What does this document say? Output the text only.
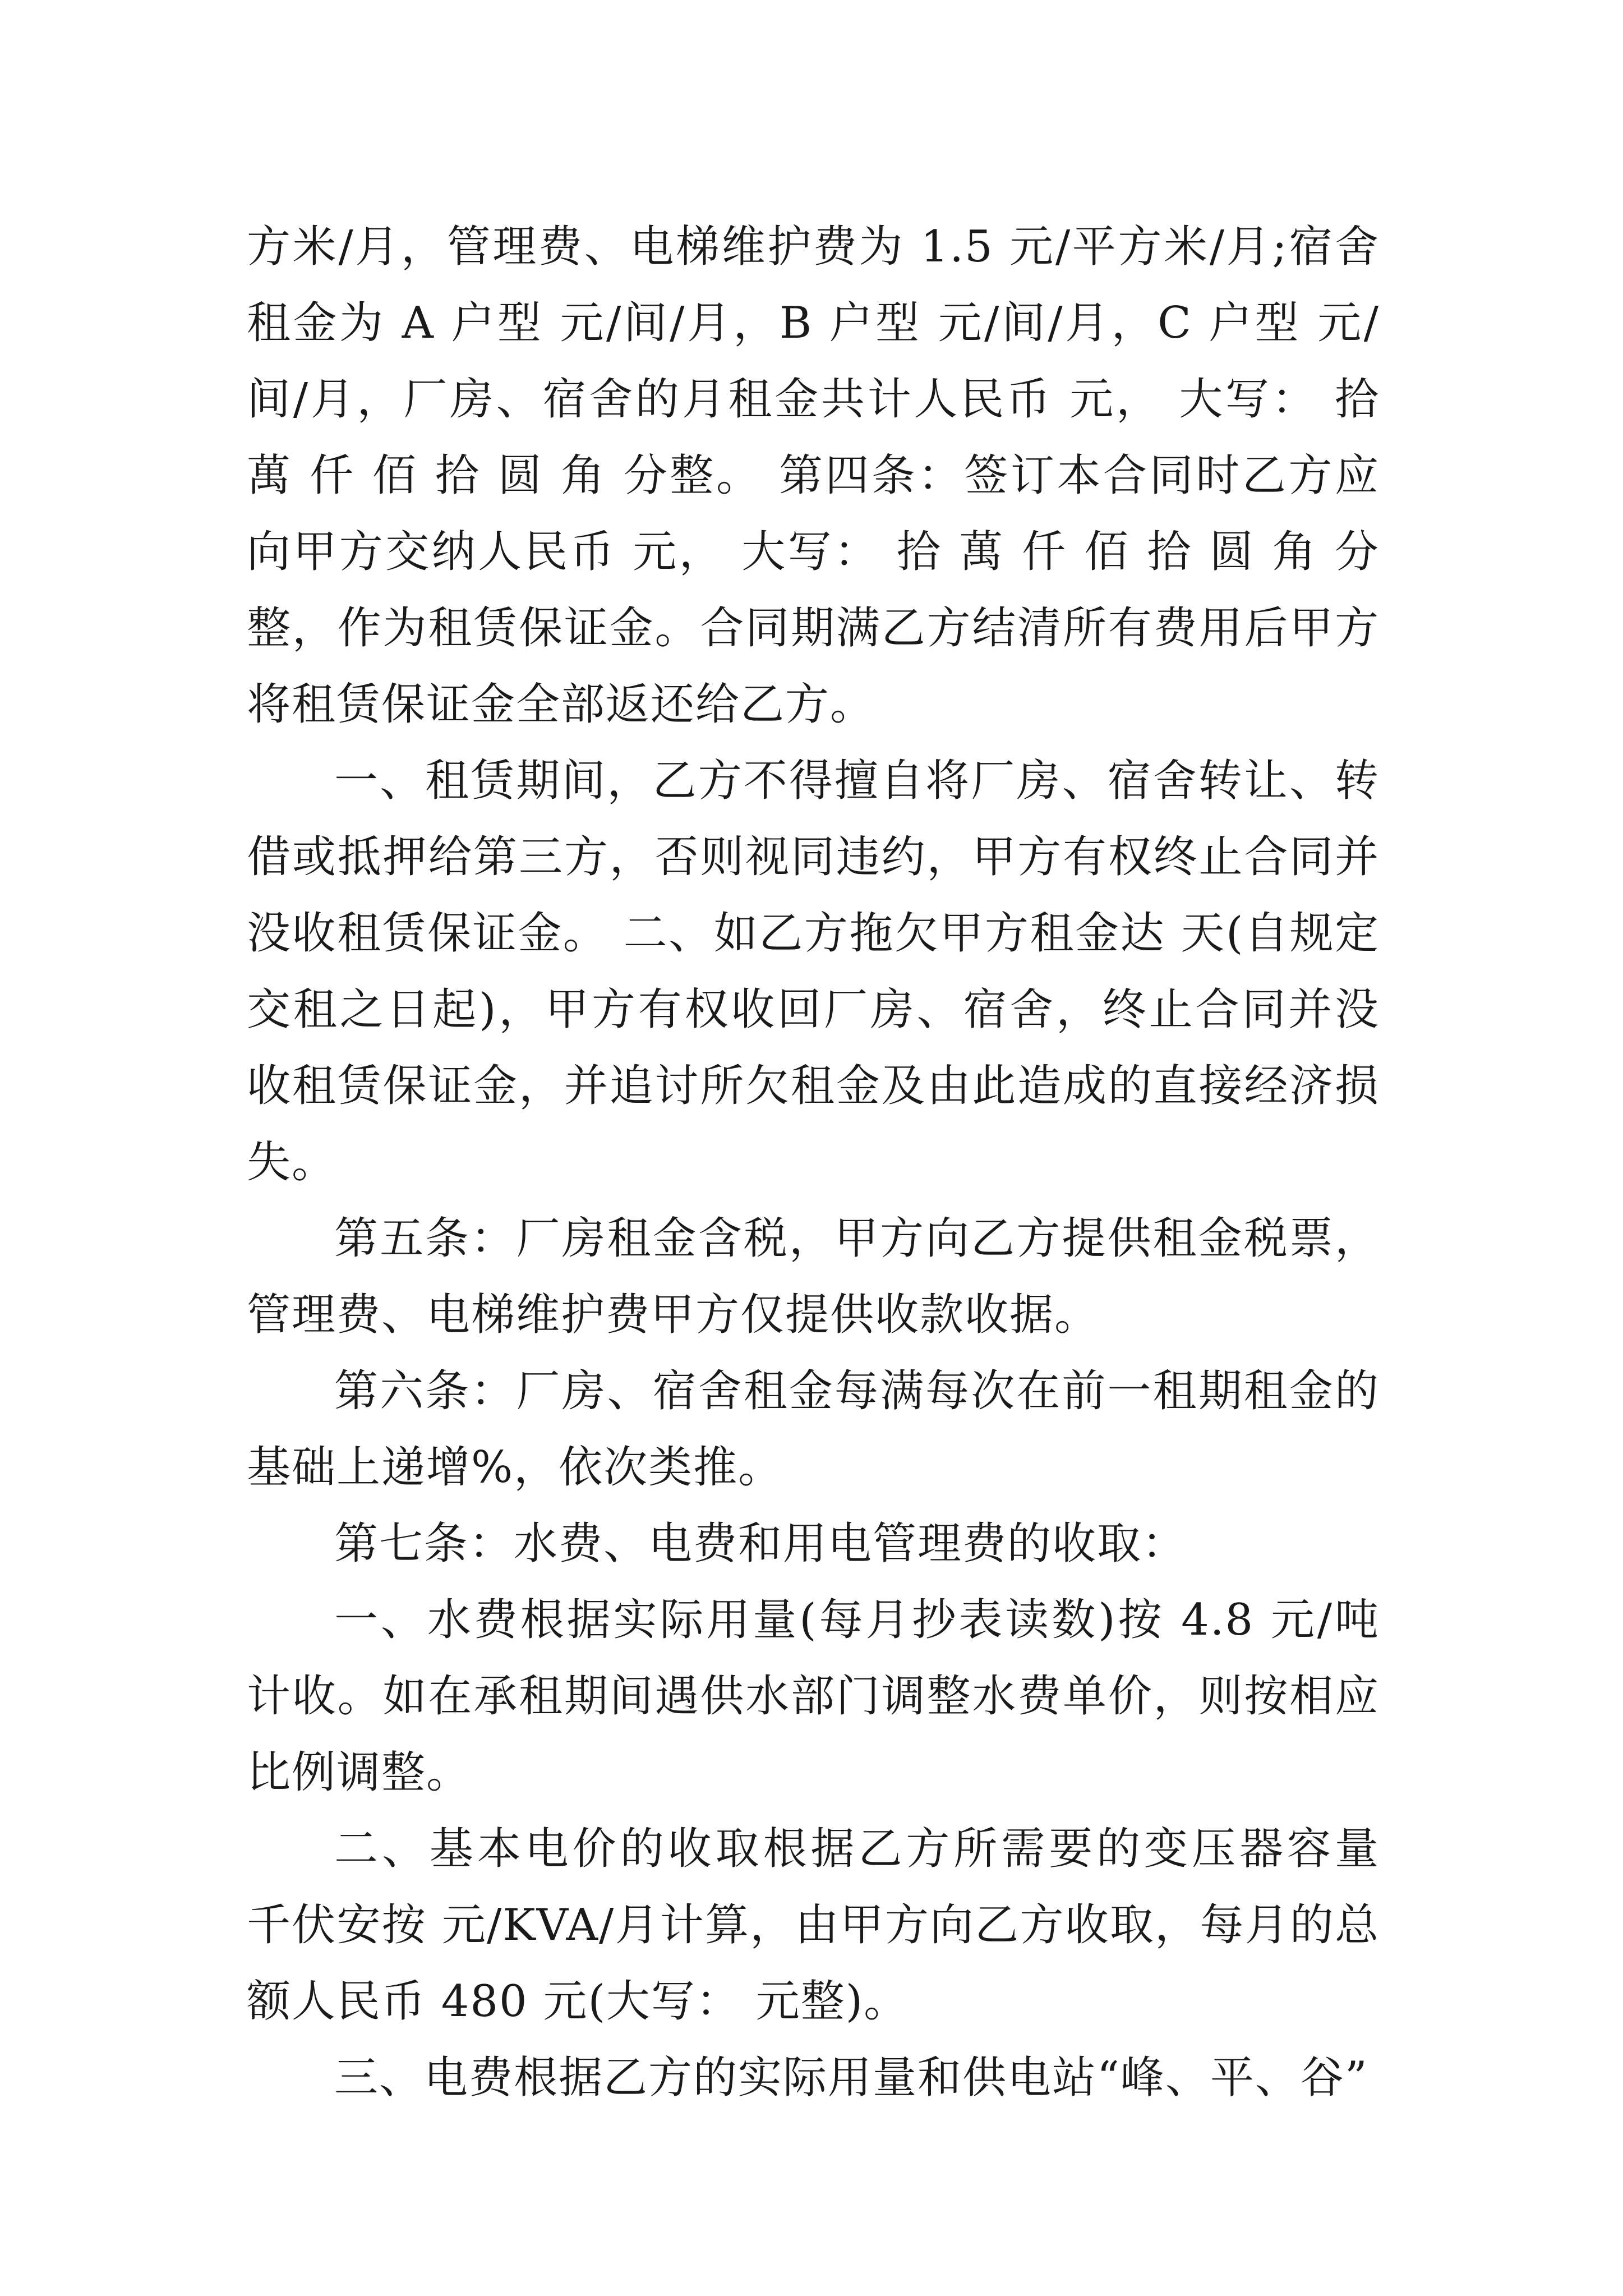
方米/月，管理费、电梯维护费为 1.5 元/平方米/月;宿舍租金为 A 户型 元/间/月，B 户型 元/间/月，C 户型 元/间/月，厂房、宿舍的月租金共计人民币 元， 大写： 拾 萬 仟 佰 拾 圆 角 分整。 第四条：签订本合同时乙方应向甲方交纳人民币 元， 大写： 拾 萬 仟 佰 拾 圆 角 分整，作为租赁保证金。合同期满乙方结清所有费用后甲方将租赁保证金全部返还给乙方。

一、租赁期间，乙方不得擅自将厂房、宿舍转让、转借或抵押给第三方，否则视同违约，甲方有权终止合同并没收租赁保证金。 二、如乙方拖欠甲方租金达 天(自规定交租之日起)，甲方有权收回厂房、宿舍，终止合同并没收租赁保证金，并追讨所欠租金及由此造成的直接经济损失。

第五条：厂房租金含税，甲方向乙方提供租金税票，管理费、电梯维护费甲方仅提供收款收据。

第六条：厂房、宿舍租金每满每次在前一租期租金的基础上递增%，依次类推。

第七条：水费、电费和用电管理费的收取：

一、水费根据实际用量(每月抄表读数)按 4.8 元/吨计收。如在承租期间遇供水部门调整水费单价，则按相应比例调整。

二、基本电价的收取根据乙方所需要的变压器容量 千伏安按 元/KVA/月计算，由甲方向乙方收取，每月的总额人民币 480 元(大写： 元整)。

三、电费根据乙方的实际用量和供电站“峰、平、谷”
